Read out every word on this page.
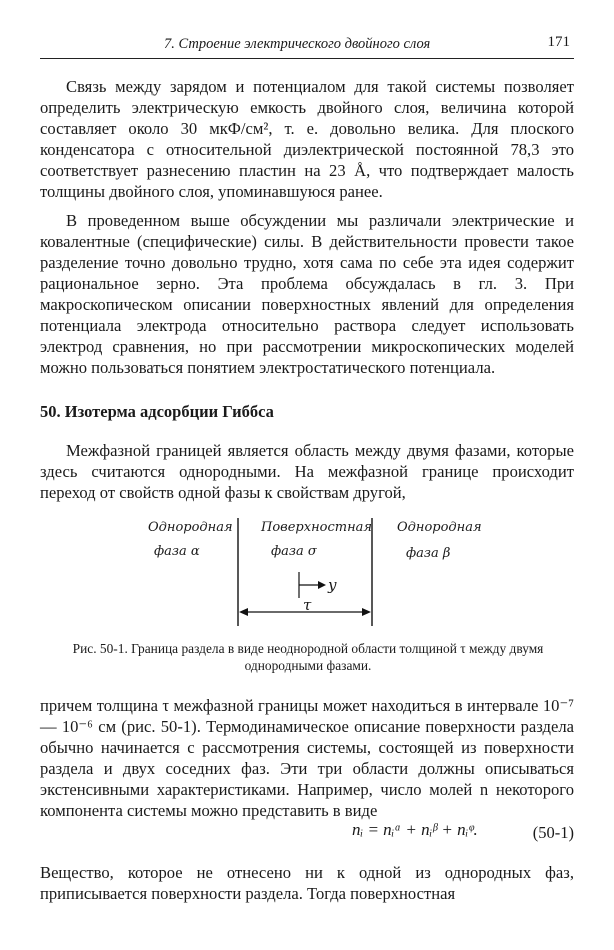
7. Строение электрического двойного слоя	171

Связь между зарядом и потенциалом для такой системы позволяет определить электрическую емкость двойного слоя, величина которой составляет около 30 мкФ/см², т. е. довольно велика. Для плоского конденсатора с относительной диэлектрической постоянной 78,3 это соответствует разнесению пластин на 23 Å, что подтверждает малость толщины двойного слоя, упоминавшуюся ранее.

В проведенном выше обсуждении мы различали электрические и ковалентные (специфические) силы. В действительности провести такое разделение точно довольно трудно, хотя сама по себе эта идея содержит рациональное зерно. Эта проблема обсуждалась в гл. 3. При макроскопическом описании поверхностных явлений для определения потенциала электрода относительно раствора следует использовать электрод сравнения, но при рассмотрении микроскопических моделей можно пользоваться понятием электростатического потенциала.

50. Изотерма адсорбции Гиббса

Межфазной границей является область между двумя фазами, которые здесь считаются однородными. На межфазной границе происходит переход от свойств одной фазы к свойствам другой,

Однородная
фаза α
Поверхностная
фаза σ
Однородная
фаза β
y
τ
Рис. 50-1. Граница раздела в виде неоднородной области толщиной τ между двумя однородными фазами.

причем толщина τ межфазной границы может находиться в интервале 10⁻⁷ — 10⁻⁶ см (рис. 50-1). Термодинамическое описание поверхности раздела обычно начинается с рассмотрения системы, состоящей из поверхности раздела и двух соседних фаз. Эти три области должны описываться экстенсивными характеристиками. Например, число молей n некоторого компонента системы можно представить в виде

nᵢ = nᵢᵅ + nᵢᵝ + nᵢᵠ.	(50-1)

Вещество, которое не отнесено ни к одной из однородных фаз, приписывается поверхности раздела. Тогда поверхностная
